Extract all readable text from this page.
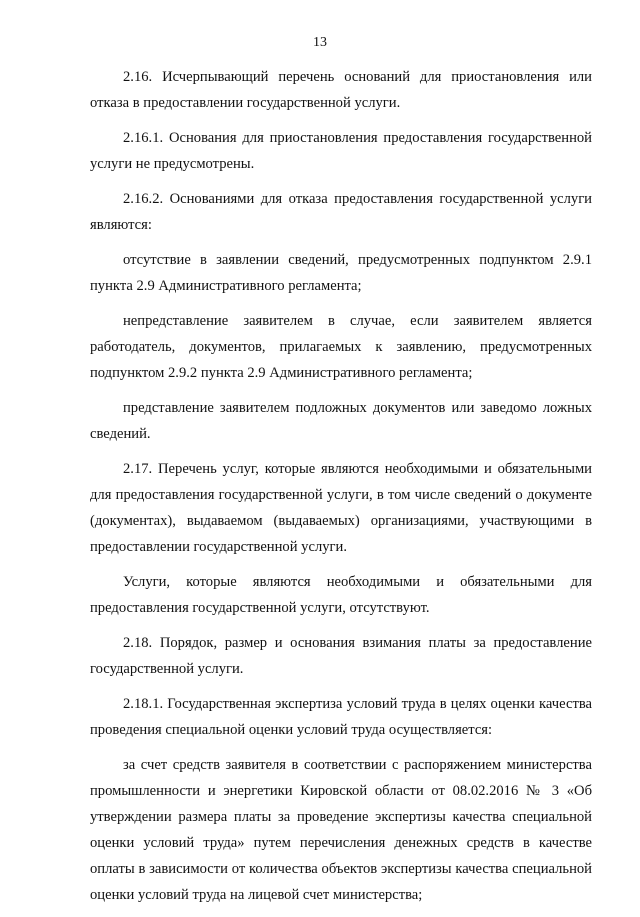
13

2.16. Исчерпывающий перечень оснований для приостановления или отказа в предоставлении государственной услуги.

2.16.1. Основания для приостановления предоставления государственной услуги не предусмотрены.

2.16.2. Основаниями для отказа предоставления государственной услуги являются:

отсутствие в заявлении сведений, предусмотренных подпунктом 2.9.1 пункта 2.9 Административного регламента;

непредставление заявителем в случае, если заявителем является работодатель, документов, прилагаемых к заявлению, предусмотренных подпунктом 2.9.2 пункта 2.9 Административного регламента;

представление заявителем подложных документов или заведомо ложных сведений.

2.17. Перечень услуг, которые являются необходимыми и обязательными для предоставления государственной услуги, в том числе сведений о документе (документах), выдаваемом (выдаваемых) организациями, участвующими в предоставлении государственной услуги.

Услуги, которые являются необходимыми и обязательными для предоставления государственной услуги, отсутствуют.

2.18. Порядок, размер и основания взимания платы за предоставление государственной услуги.

2.18.1. Государственная экспертиза условий труда в целях оценки качества проведения специальной оценки условий труда осуществляется:

за счет средств заявителя в соответствии с распоряжением министерства промышленности и энергетики Кировской области от 08.02.2016 № 3 «Об утверждении размера платы за проведение экспертизы качества специальной оценки условий труда» путем перечисления денежных средств в качестве оплаты в зависимости от количества объектов экспертизы качества специальной оценки условий труда на лицевой счет министерства;
